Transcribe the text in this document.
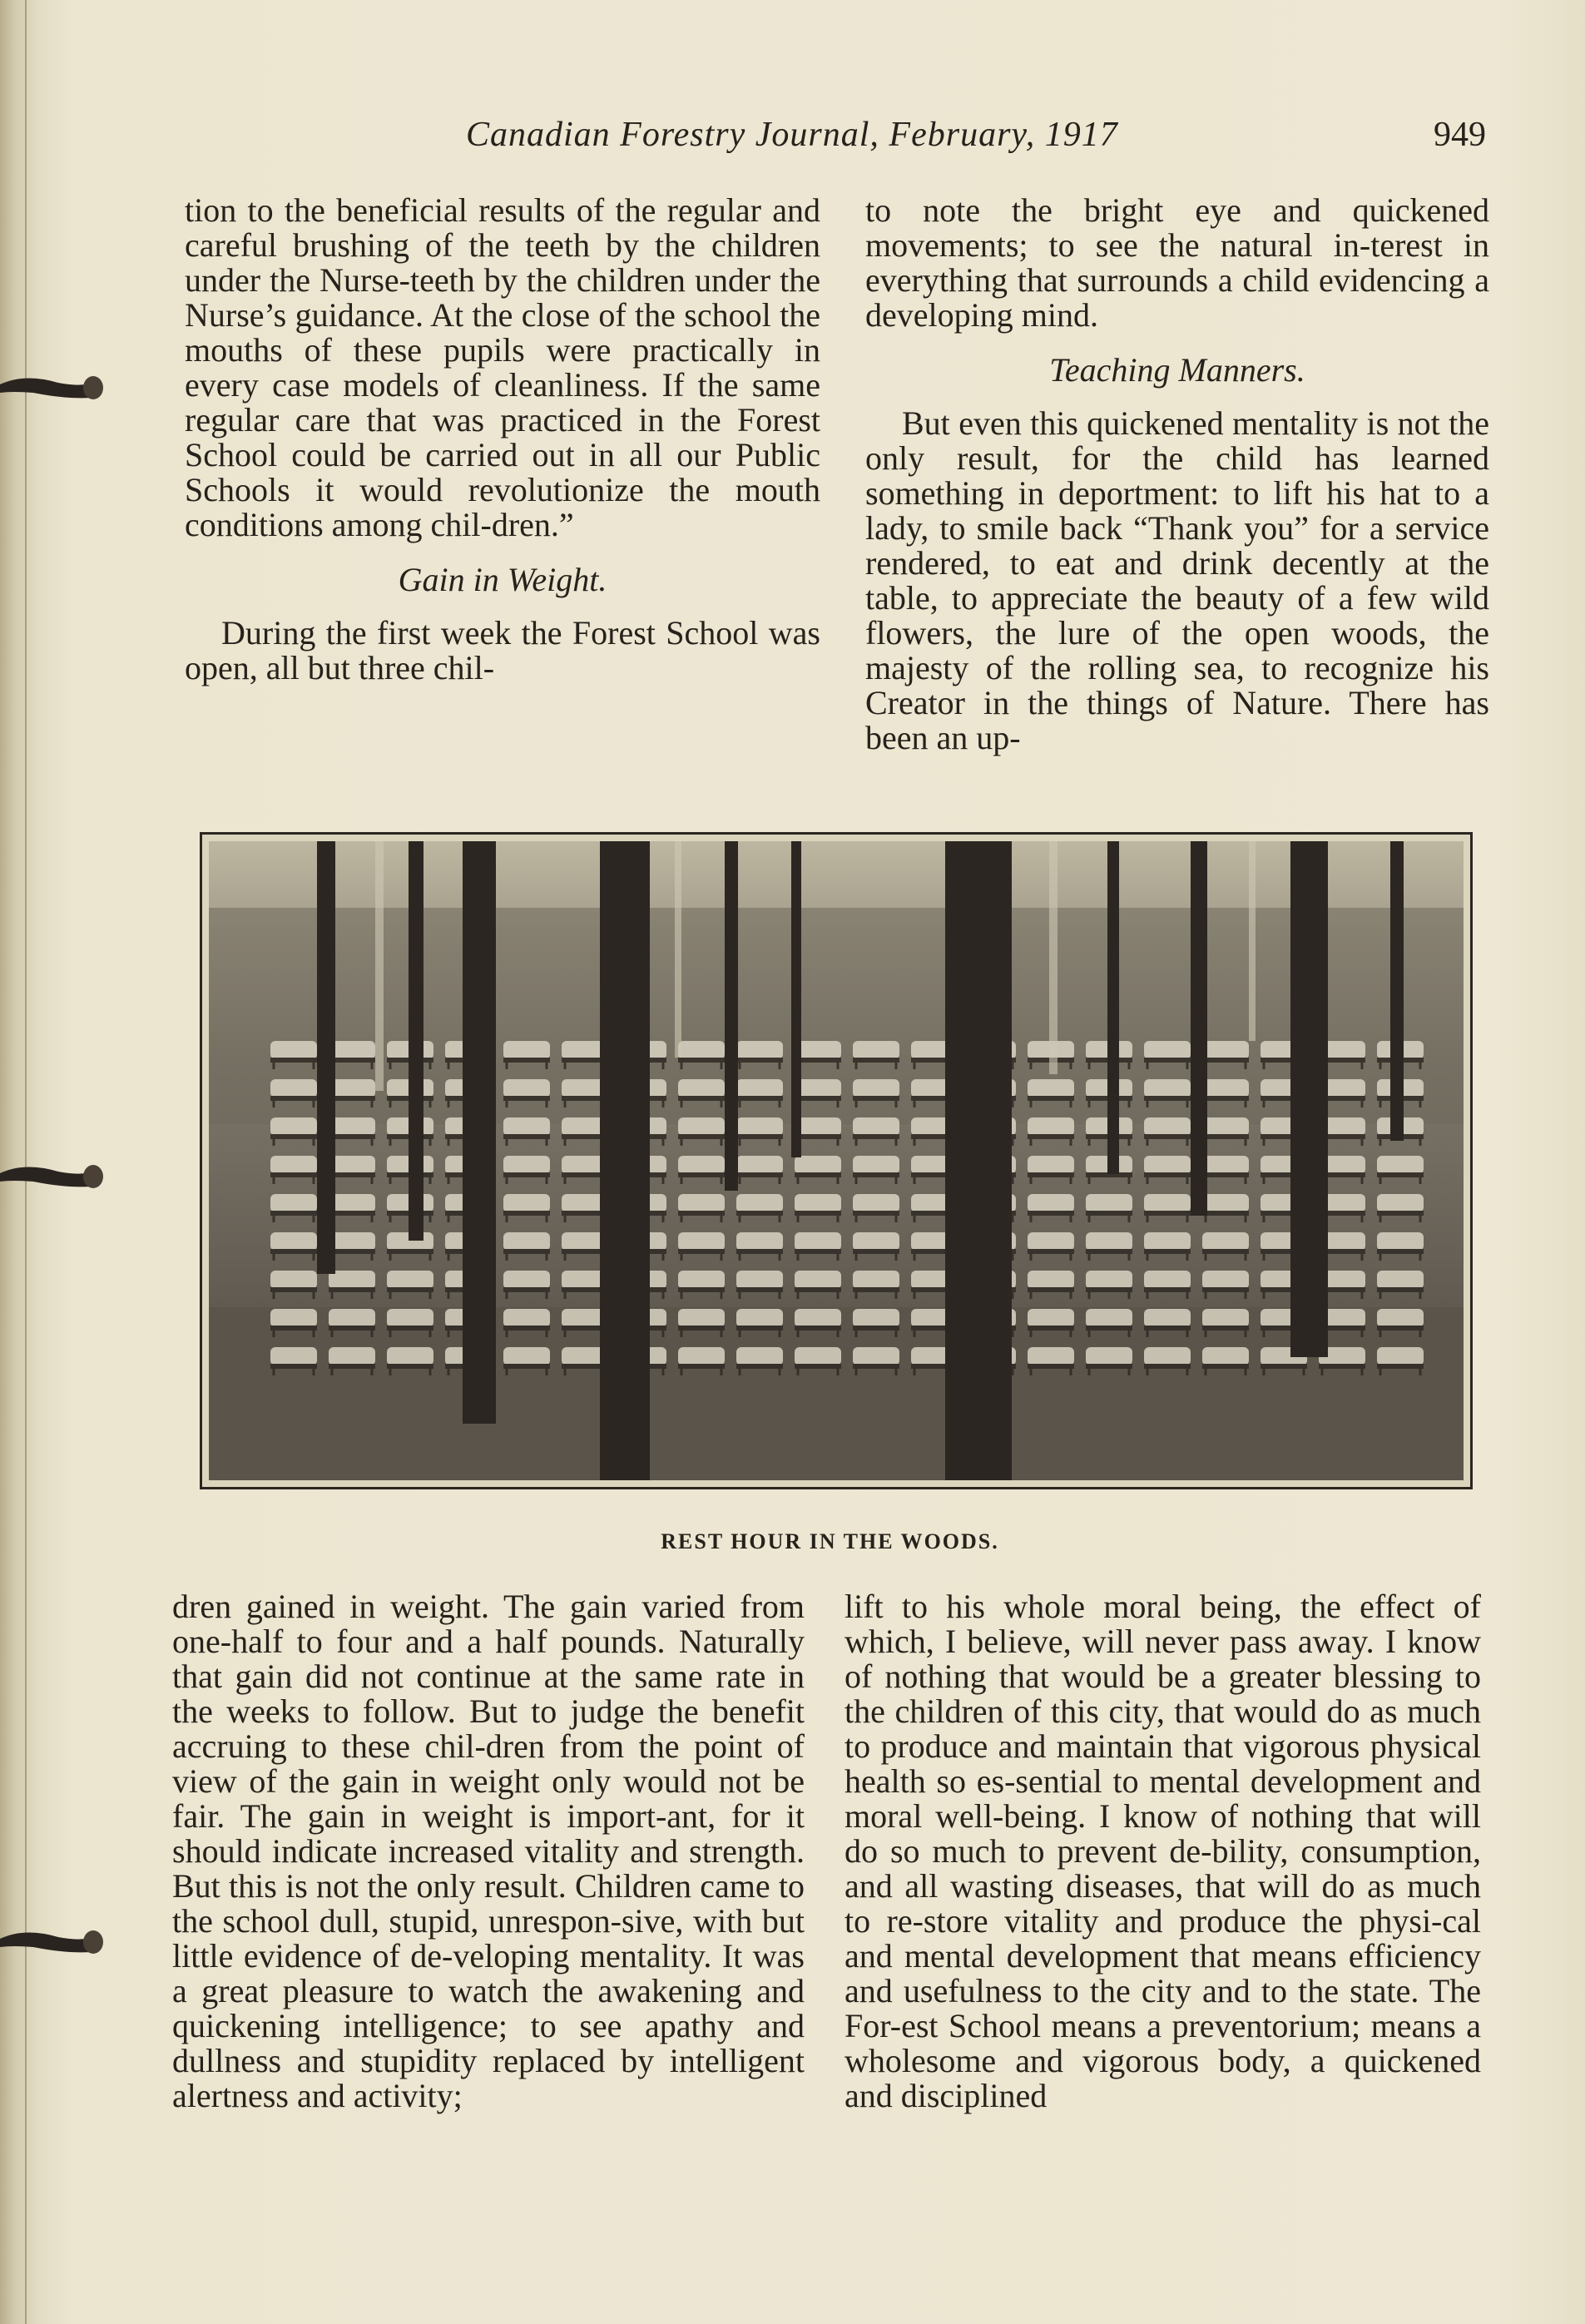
Canadian Forestry Journal, February, 1917	949

tion to the beneficial results of the regular and careful brushing of the teeth by the children under the Nurse-teeth by the children under the Nurse’s guidance. At the close of the school the mouths of these pupils were practically in every case models of cleanliness. If the same regular care that was practiced in the Forest School could be carried out in all our Public Schools it would revolutionize the mouth conditions among chil-dren.”

Gain in Weight.

During the first week the Forest School was open, all but three chil-

to note the bright eye and quickened movements; to see the natural in-terest in everything that surrounds a child evidencing a developing mind.

Teaching Manners.

But even this quickened mentality is not the only result, for the child has learned something in deportment: to lift his hat to a lady, to smile back “Thank you” for a service rendered, to eat and drink decently at the table, to appreciate the beauty of a few wild flowers, the lure of the open woods, the majesty of the rolling sea, to recognize his Creator in the things of Nature. There has been an up-

REST HOUR IN THE WOODS.

dren gained in weight. The gain varied from one-half to four and a half pounds. Naturally that gain did not continue at the same rate in the weeks to follow. But to judge the benefit accruing to these chil-dren from the point of view of the gain in weight only would not be fair. The gain in weight is import-ant, for it should indicate increased vitality and strength. But this is not the only result. Children came to the school dull, stupid, unrespon-sive, with but little evidence of de-veloping mentality. It was a great pleasure to watch the awakening and quickening intelligence; to see apathy and dullness and stupidity replaced by intelligent alertness and activity;

lift to his whole moral being, the effect of which, I believe, will never pass away. I know of nothing that would be a greater blessing to the children of this city, that would do as much to produce and maintain that vigorous physical health so es-sential to mental development and moral well-being. I know of nothing that will do so much to prevent de-bility, consumption, and all wasting diseases, that will do as much to re-store vitality and produce the physi-cal and mental development that means efficiency and usefulness to the city and to the state. The For-est School means a preventorium; means a wholesome and vigorous body, a quickened and disciplined
